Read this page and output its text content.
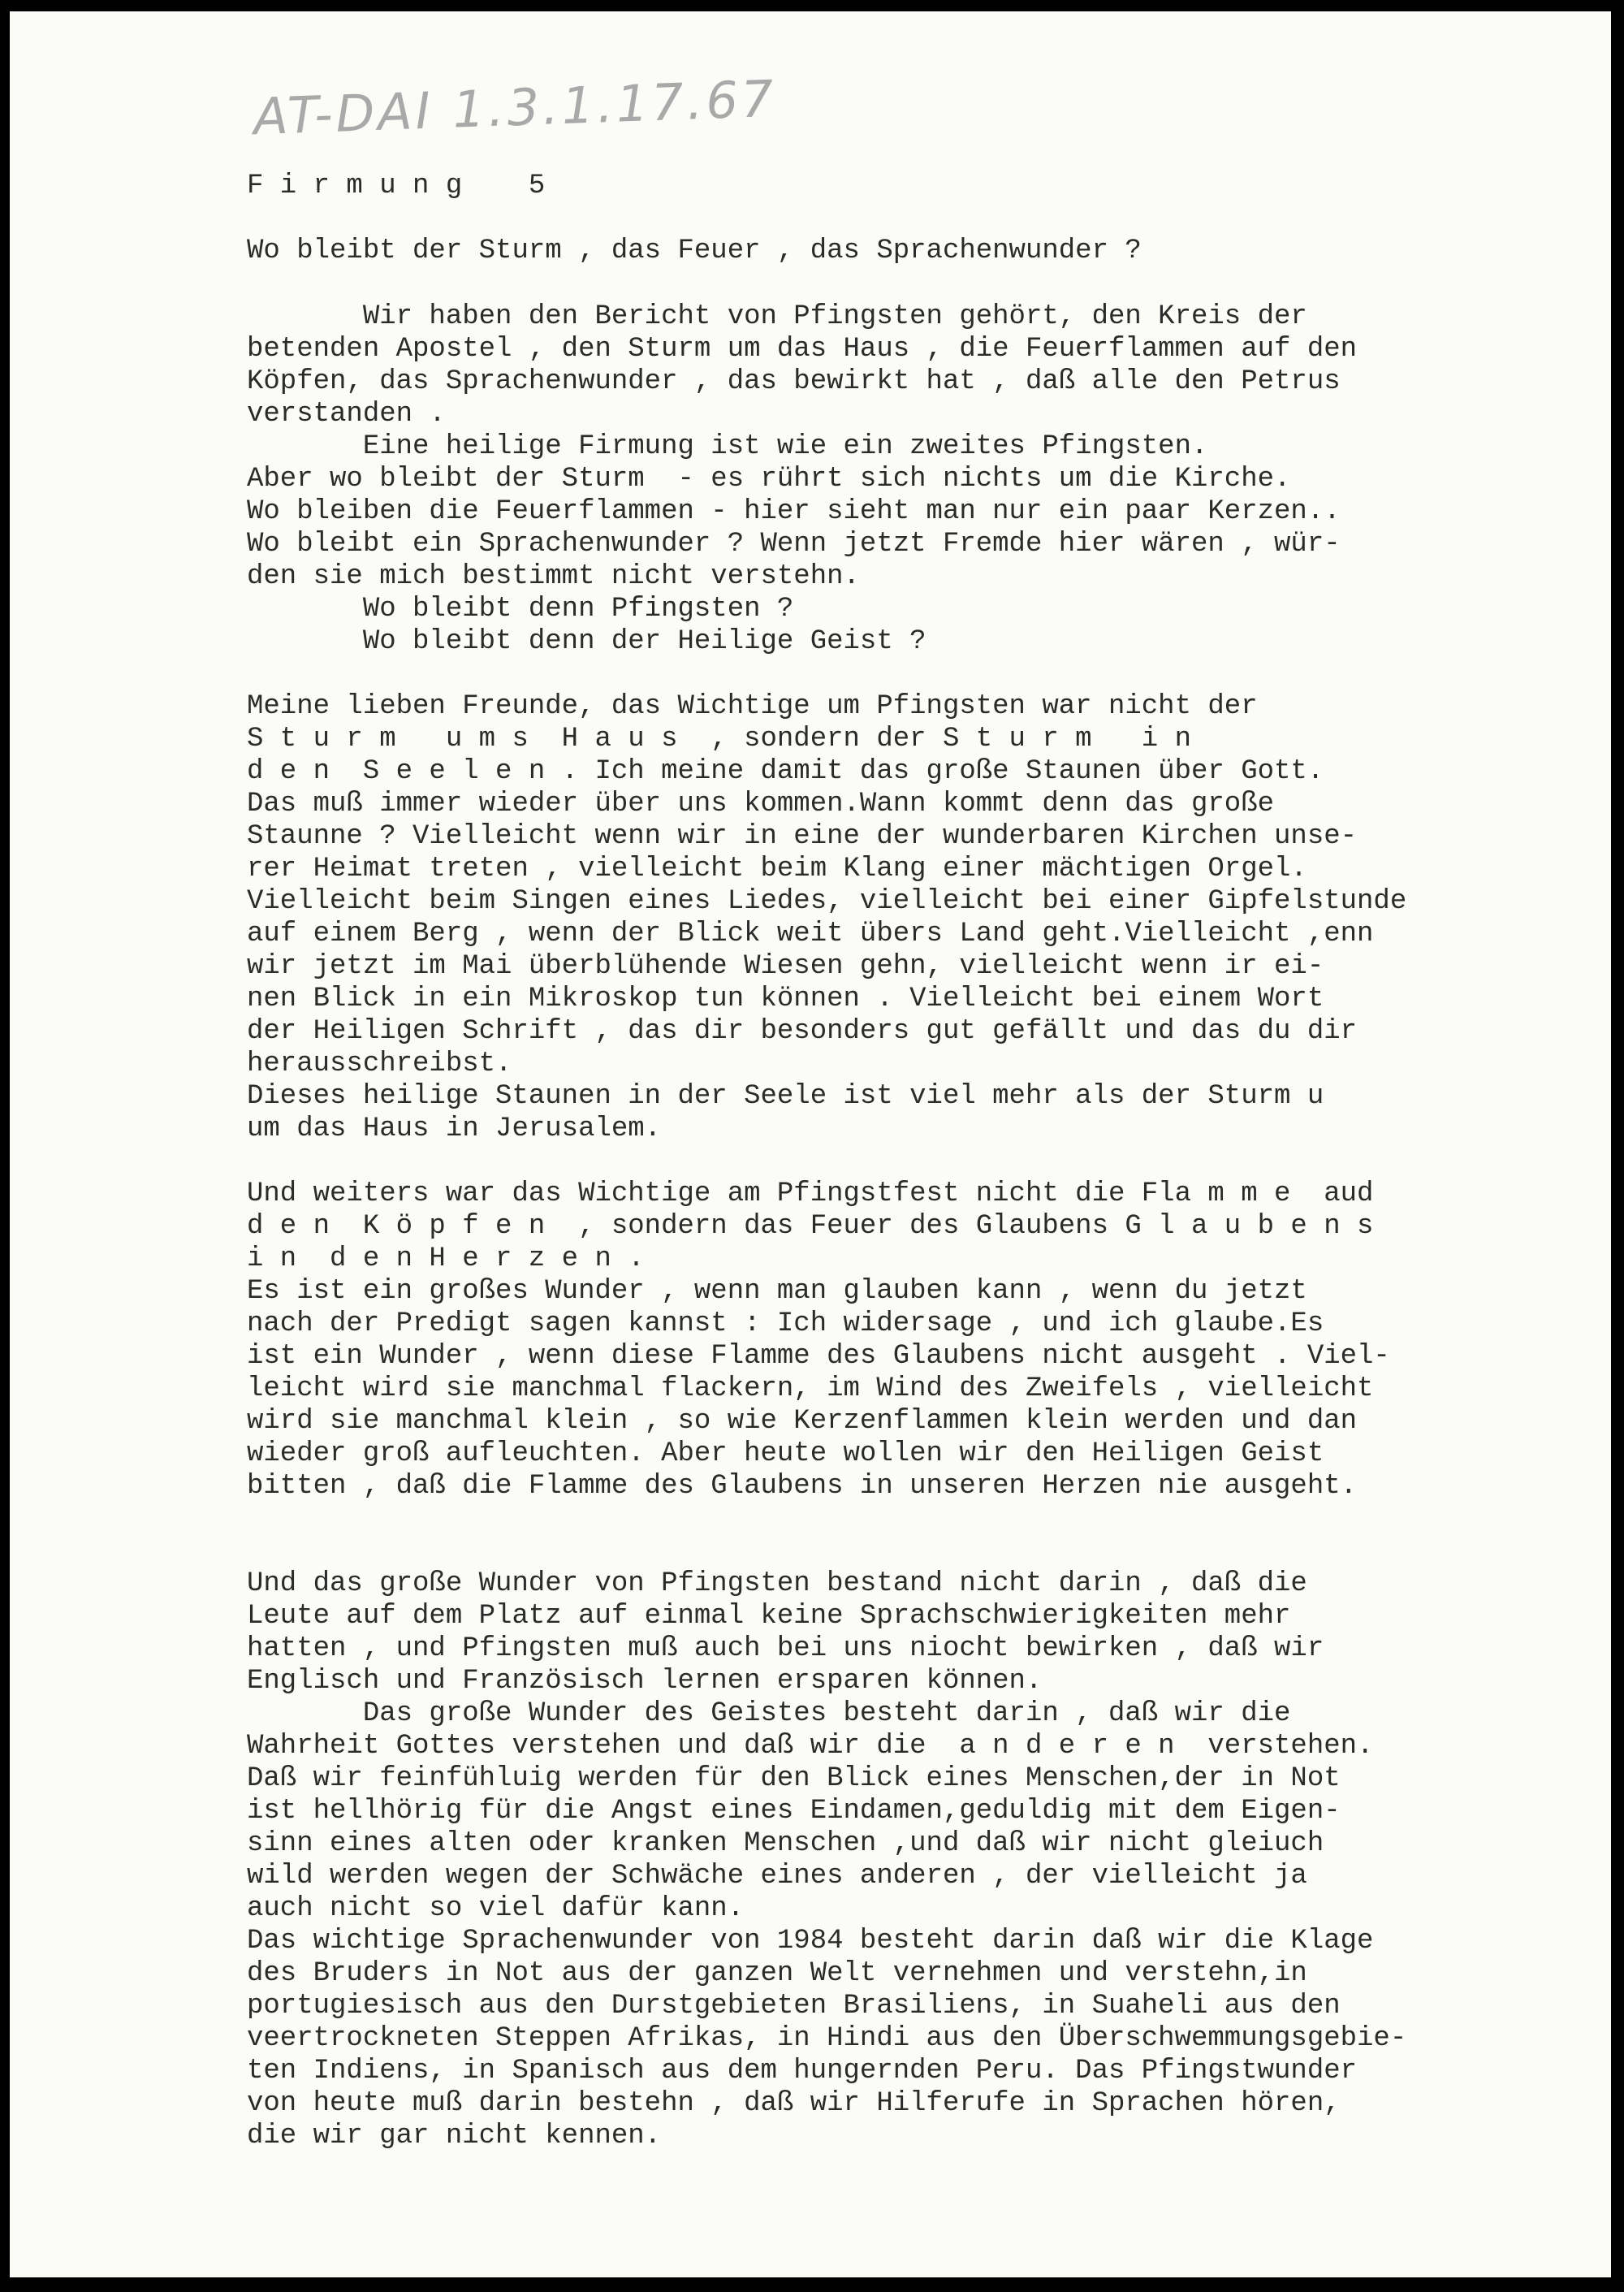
AT-DAI 1.3.1.17.67
F i r m u n g    5
Wo bleibt der Sturm , das Feuer , das Sprachenwunder ?
Wir haben den Bericht von Pfingsten gehört, den Kreis der
betenden Apostel , den Sturm um das Haus , die Feuerflammen auf den
Köpfen, das Sprachenwunder , das bewirkt hat , daß alle den Petrus
verstanden .
Eine heilige Firmung ist wie ein zweites Pfingsten.
Aber wo bleibt der Sturm  - es rührt sich nichts um die Kirche.
Wo bleiben die Feuerflammen - hier sieht man nur ein paar Kerzen..
Wo bleibt ein Sprachenwunder ? Wenn jetzt Fremde hier wären , wür-
den sie mich bestimmt nicht verstehn.
Wo bleibt denn Pfingsten ?
Wo bleibt denn der Heilige Geist ?
Meine lieben Freunde, das Wichtige um Pfingsten war nicht der
S t u r m   u m s  H a u s  , sondern der S t u r m   i n
d e n  S e e l e n . Ich meine damit das große Staunen über Gott.
Das muß immer wieder über uns kommen.Wann kommt denn das große
Staunne ? Vielleicht wenn wir in eine der wunderbaren Kirchen unse-
rer Heimat treten , vielleicht beim Klang einer mächtigen Orgel.
Vielleicht beim Singen eines Liedes, vielleicht bei einer Gipfelstunde
auf einem Berg , wenn der Blick weit übers Land geht.Vielleicht ,enn
wir jetzt im Mai überblühende Wiesen gehn, vielleicht wenn ir ei-
nen Blick in ein Mikroskop tun können . Vielleicht bei einem Wort
der Heiligen Schrift , das dir besonders gut gefällt und das du dir
herausschreibst.
Dieses heilige Staunen in der Seele ist viel mehr als der Sturm u
um das Haus in Jerusalem.
Und weiters war das Wichtige am Pfingstfest nicht die Fla m m e  aud
d e n  K ö p f e n  , sondern das Feuer des Glaubens G l a u b e n s
i n  d e n H e r z e n .
Es ist ein großes Wunder , wenn man glauben kann , wenn du jetzt
nach der Predigt sagen kannst : Ich widersage , und ich glaube.Es
ist ein Wunder , wenn diese Flamme des Glaubens nicht ausgeht . Viel-
leicht wird sie manchmal flackern, im Wind des Zweifels , vielleicht
wird sie manchmal klein , so wie Kerzenflammen klein werden und dan
wieder groß aufleuchten. Aber heute wollen wir den Heiligen Geist
bitten , daß die Flamme des Glaubens in unseren Herzen nie ausgeht.
Und das große Wunder von Pfingsten bestand nicht darin , daß die
Leute auf dem Platz auf einmal keine Sprachschwierigkeiten mehr
hatten , und Pfingsten muß auch bei uns niocht bewirken , daß wir
Englisch und Französisch lernen ersparen können.
Das große Wunder des Geistes besteht darin , daß wir die
Wahrheit Gottes verstehen und daß wir die  a n d e r e n  verstehen.
Daß wir feinfühluig werden für den Blick eines Menschen,der in Not
ist hellhörig für die Angst eines Eindamen,geduldig mit dem Eigen-
sinn eines alten oder kranken Menschen ,und daß wir nicht gleiuch
wild werden wegen der Schwäche eines anderen , der vielleicht ja
auch nicht so viel dafür kann.
Das wichtige Sprachenwunder von 1984 besteht darin daß wir die Klage
des Bruders in Not aus der ganzen Welt vernehmen und verstehn,in
portugiesisch aus den Durstgebieten Brasiliens, in Suaheli aus den
veertrockneten Steppen Afrikas, in Hindi aus den Überschwemmungsgebie-
ten Indiens, in Spanisch aus dem hungernden Peru. Das Pfingstwunder
von heute muß darin bestehn , daß wir Hilferufe in Sprachen hören,
die wir gar nicht kennen.
